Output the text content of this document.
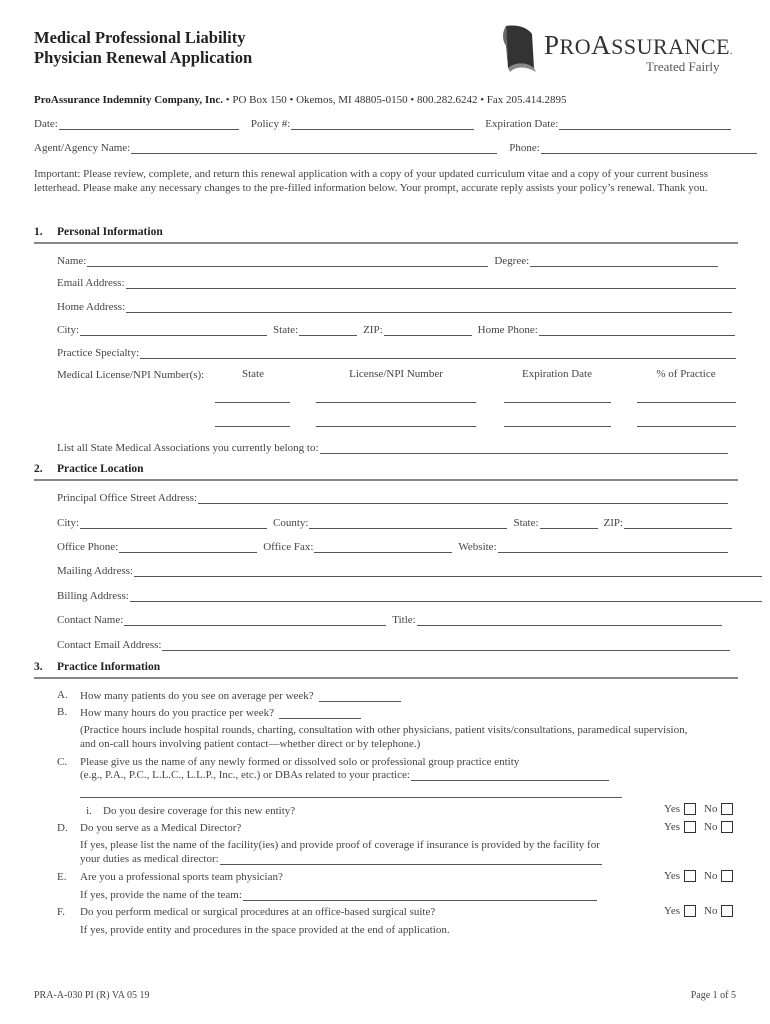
Medical Professional Liability
Physician Renewal Application	PROASSURANCE.
Treated Fairly
ProAssurance Indemnity Company, Inc. • PO Box 150 • Okemos, MI 48805-0150 • 800.282.6242 • Fax 205.414.2895
Date:	Policy #:	Expiration Date:
Agent/Agency Name:	Phone:
Important: Please review, complete, and return this renewal application with a copy of your updated curriculum vitae and a copy of your current business letterhead. Please make any necessary changes to the pre-filled information below. Your prompt, accurate reply assists your policy’s renewal. Thank you.
1. Personal Information
Name:	Degree:
Email Address:
Home Address:
City:	State:	ZIP:	Home Phone:
Practice Specialty:
Medical License/NPI Number(s):	State	License/NPI Number	Expiration Date	% of Practice
List all State Medical Associations you currently belong to:
2. Practice Location
Principal Office Street Address:
City:	County:	State:	ZIP:
Office Phone:	Office Fax:	Website:
Mailing Address:
Billing Address:
Contact Name:	Title:
Contact Email Address:
3. Practice Information
A. How many patients do you see on average per week?
B. How many hours do you practice per week?
(Practice hours include hospital rounds, charting, consultation with other physicians, patient visits/consultations, paramedical supervision,
and on-call hours involving patient contact—whether direct or by telephone.)
C. Please give us the name of any newly formed or dissolved solo or professional group practice entity
(e.g., P.A., P.C., L.L.C., L.L.P., Inc., etc.) or DBAs related to your practice:
i.	Do you desire coverage for this new entity?	Yes No
D. Do you serve as a Medical Director?	Yes No
If yes, please list the name of the facility(ies) and provide proof of coverage if insurance is provided by the facility for
your duties as medical director:
E. Are you a professional sports team physician?	Yes No
If yes, provide the name of the team:
F. Do you perform medical or surgical procedures at an office-based surgical suite?	Yes No
If yes, provide entity and procedures in the space provided at the end of application.
PRA-A-030 PI (R) VA 05 19	Page 1 of 5
